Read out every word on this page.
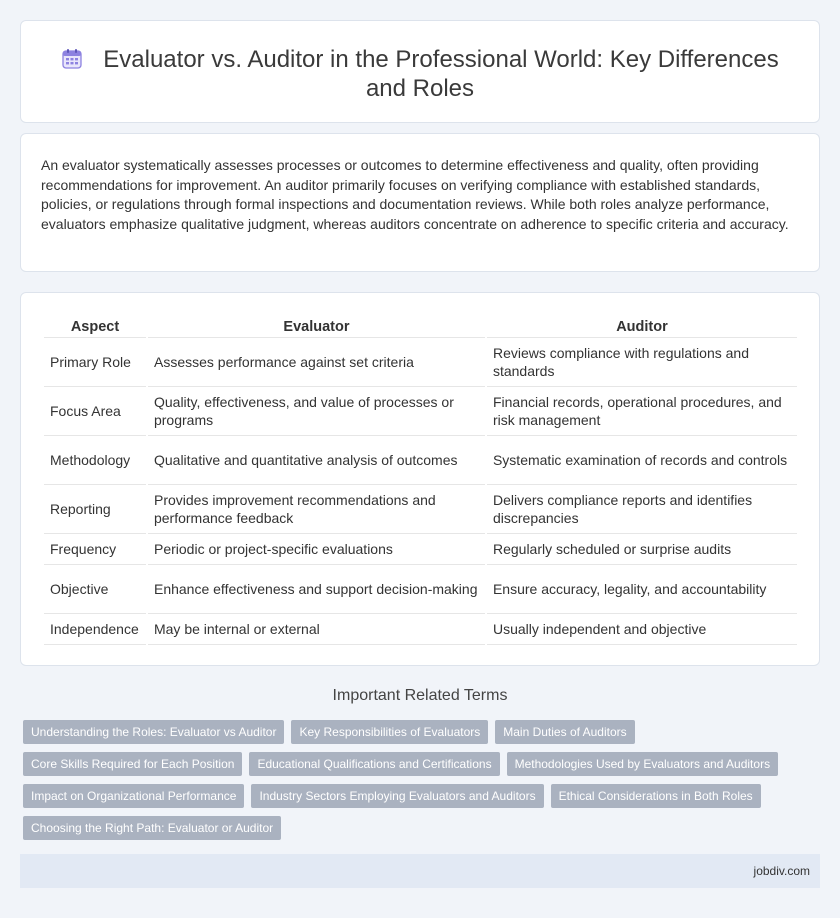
Evaluator vs. Auditor in the Professional World: Key Differences and Roles

An evaluator systematically assesses processes or outcomes to determine effectiveness and quality, often providing recommendations for improvement. An auditor primarily focuses on verifying compliance with established standards, policies, or regulations through formal inspections and documentation reviews. While both roles analyze performance, evaluators emphasize qualitative judgment, whereas auditors concentrate on adherence to specific criteria and accuracy.

Aspect	Evaluator	Auditor
Primary Role	Assesses performance against set criteria	Reviews compliance with regulations and standards
Focus Area	Quality, effectiveness, and value of processes or programs	Financial records, operational procedures, and risk management
Methodology	Qualitative and quantitative analysis of outcomes	Systematic examination of records and controls
Reporting	Provides improvement recommendations and performance feedback	Delivers compliance reports and identifies discrepancies
Frequency	Periodic or project-specific evaluations	Regularly scheduled or surprise audits
Objective	Enhance effectiveness and support decision-making	Ensure accuracy, legality, and accountability
Independence	May be internal or external	Usually independent and objective
Important Related Terms
Understanding the Roles: Evaluator vs Auditor	Key Responsibilities of Evaluators	Main Duties of Auditors
Core Skills Required for Each Position	Educational Qualifications and Certifications	Methodologies Used by Evaluators and Auditors
Impact on Organizational Performance	Industry Sectors Employing Evaluators and Auditors	Ethical Considerations in Both Roles
Choosing the Right Path: Evaluator or Auditor
jobdiv.com
